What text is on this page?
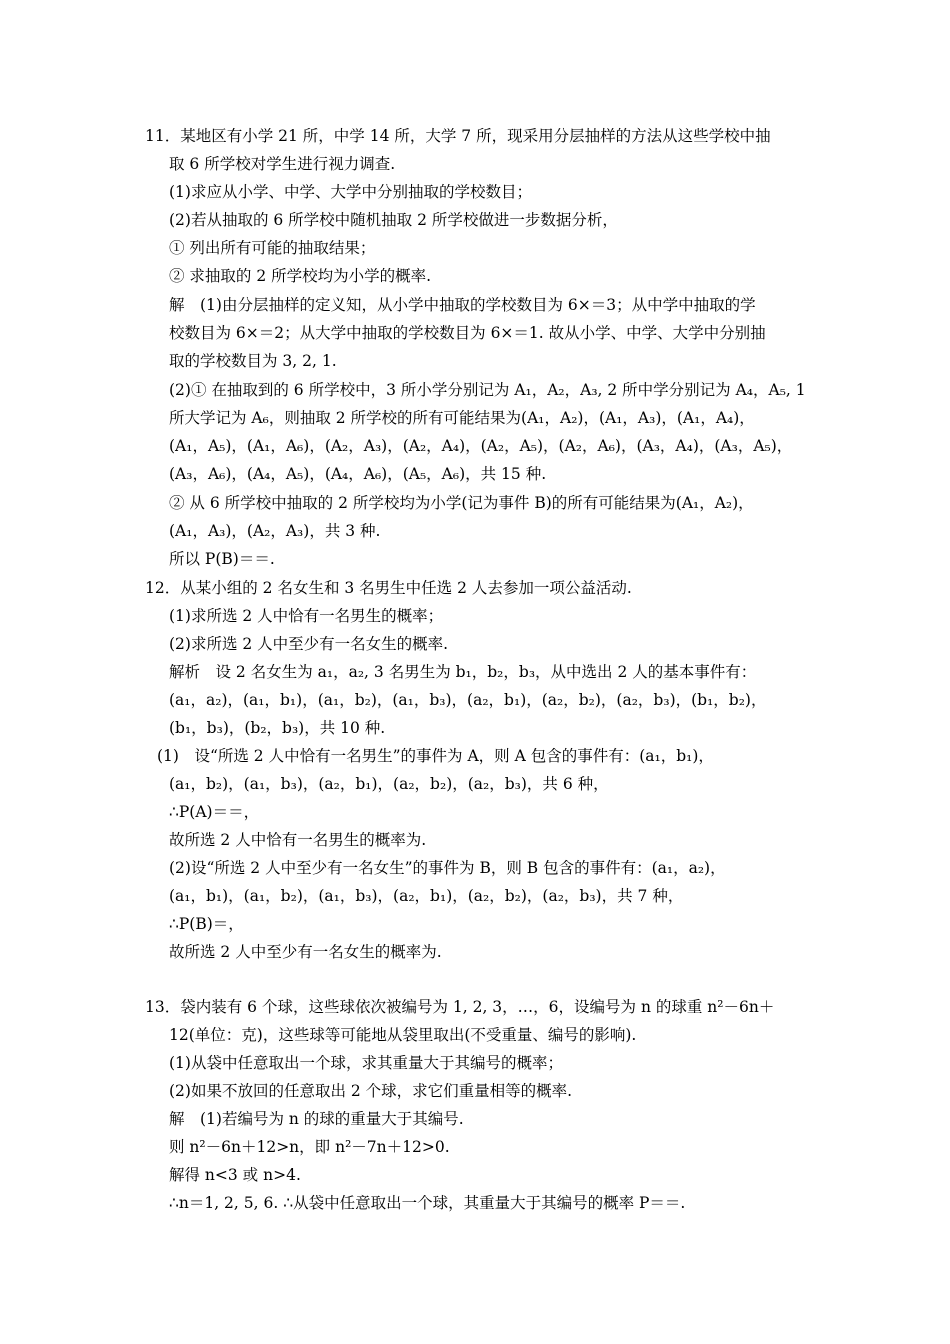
11．某地区有小学 21 所，中学 14 所，大学 7 所，现采用分层抽样的方法从这些学校中抽
取 6 所学校对学生进行视力调查.
(1)求应从小学、中学、大学中分别抽取的学校数目；
(2)若从抽取的 6 所学校中随机抽取 2 所学校做进一步数据分析，
① 列出所有可能的抽取结果；
② 求抽取的 2 所学校均为小学的概率.
解　(1)由分层抽样的定义知，从小学中抽取的学校数目为 6×＝3；从中学中抽取的学
校数目为 6×＝2；从大学中抽取的学校数目为 6×＝1. 故从小学、中学、大学中分别抽
取的学校数目为 3, 2, 1.
(2)① 在抽取到的 6 所学校中，3 所小学分别记为 A₁，A₂，A₃, 2 所中学分别记为 A₄，A₅, 1
所大学记为 A₆，则抽取 2 所学校的所有可能结果为(A₁，A₂)，(A₁，A₃)，(A₁，A₄)，
(A₁，A₅)，(A₁，A₆)，(A₂，A₃)，(A₂，A₄)，(A₂，A₅)，(A₂，A₆)，(A₃，A₄)，(A₃，A₅)，
(A₃，A₆)，(A₄，A₅)，(A₄，A₆)，(A₅，A₆)，共 15 种.
② 从 6 所学校中抽取的 2 所学校均为小学(记为事件 B)的所有可能结果为(A₁，A₂)，
(A₁，A₃)，(A₂，A₃)，共 3 种.
所以 P(B)＝＝.
12．从某小组的 2 名女生和 3 名男生中任选 2 人去参加一项公益活动.
(1)求所选 2 人中恰有一名男生的概率；
(2)求所选 2 人中至少有一名女生的概率.
解析　设 2 名女生为 a₁，a₂, 3 名男生为 b₁，b₂，b₃，从中选出 2 人的基本事件有：
(a₁，a₂)，(a₁，b₁)，(a₁，b₂)，(a₁，b₃)，(a₂，b₁)，(a₂，b₂)，(a₂，b₃)，(b₁，b₂)，
(b₁，b₃)，(b₂，b₃)，共 10 种.
(1)　设“所选 2 人中恰有一名男生”的事件为 A，则 A 包含的事件有：(a₁，b₁)，
(a₁，b₂)，(a₁，b₃)，(a₂，b₁)，(a₂，b₂)，(a₂，b₃)，共 6 种，
∴P(A)＝＝，
故所选 2 人中恰有一名男生的概率为.
(2)设“所选 2 人中至少有一名女生”的事件为 B，则 B 包含的事件有：(a₁，a₂)，
(a₁，b₁)，(a₁，b₂)，(a₁，b₃)，(a₂，b₁)，(a₂，b₂)，(a₂，b₃)，共 7 种，
∴P(B)＝，
故所选 2 人中至少有一名女生的概率为.
13．袋内装有 6 个球，这些球依次被编号为 1, 2, 3，…，6，设编号为 n 的球重 n²－6n＋
12(单位：克)，这些球等可能地从袋里取出(不受重量、编号的影响).
(1)从袋中任意取出一个球，求其重量大于其编号的概率；
(2)如果不放回的任意取出 2 个球，求它们重量相等的概率.
解　(1)若编号为 n 的球的重量大于其编号.
则 n²－6n＋12>n，即 n²－7n＋12>0.
解得 n<3 或 n>4.
∴n＝1, 2, 5, 6. ∴从袋中任意取出一个球，其重量大于其编号的概率 P＝＝.
